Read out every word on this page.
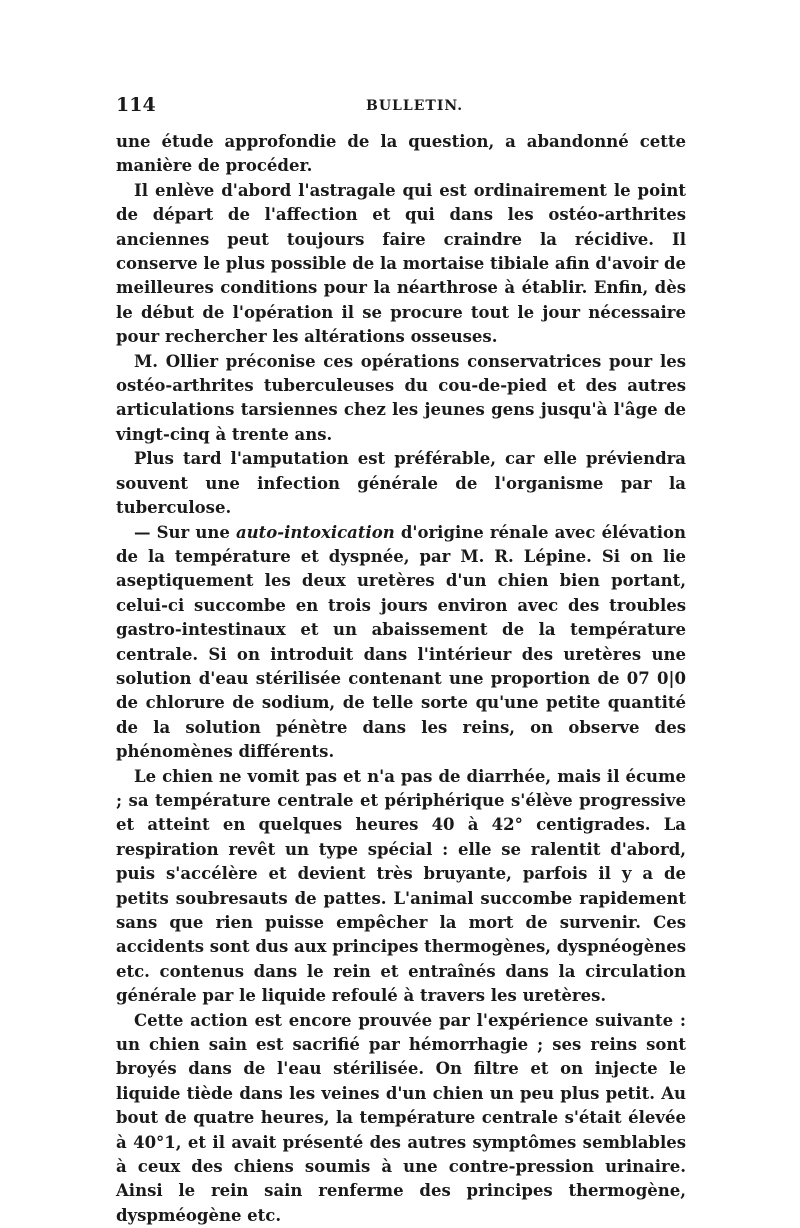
114	BULLETIN.

une étude approfondie de la question, a abandonné cette manière de procéder.

Il enlève d'abord l'astragale qui est ordinairement le point de départ de l'affection et qui dans les ostéo-arthrites anciennes peut toujours faire craindre la récidive. Il conserve le plus possible de la mortaise tibiale afin d'avoir de meilleures conditions pour la néarthrose à établir. Enfin, dès le début de l'opération il se procure tout le jour nécessaire pour rechercher les altérations osseuses.

M. Ollier préconise ces opérations conservatrices pour les ostéo-arthrites tuberculeuses du cou-de-pied et des autres articulations tarsiennes chez les jeunes gens jusqu'à l'âge de vingt-cinq à trente ans.

Plus tard l'amputation est préférable, car elle préviendra souvent une infection générale de l'organisme par la tuberculose.

— Sur une auto-intoxication d'origine rénale avec élévation de la température et dyspnée, par M. R. Lépine. Si on lie aseptiquement les deux uretères d'un chien bien portant, celui-ci succombe en trois jours environ avec des troubles gastro-intestinaux et un abaissement de la température centrale. Si on introduit dans l'intérieur des uretères une solution d'eau stérilisée contenant une proportion de 07 0|0 de chlorure de sodium, de telle sorte qu'une petite quantité de la solution pénètre dans les reins, on observe des phénomènes différents.

Le chien ne vomit pas et n'a pas de diarrhée, mais il écume ; sa température centrale et périphérique s'élève progressive et atteint en quelques heures 40 à 42° centigrades. La respiration revêt un type spécial : elle se ralentit d'abord, puis s'accélère et devient très bruyante, parfois il y a de petits soubresauts de pattes. L'animal succombe rapidement sans que rien puisse empêcher la mort de survenir. Ces accidents sont dus aux principes thermogènes, dyspnéogènes etc. contenus dans le rein et entraînés dans la circulation générale par le liquide refoulé à travers les uretères.

Cette action est encore prouvée par l'expérience suivante : un chien sain est sacrifié par hémorrhagie ; ses reins sont broyés dans de l'eau stérilisée. On filtre et on injecte le liquide tiède dans les veines d'un chien un peu plus petit. Au bout de quatre heures, la température centrale s'était élevée à 40°1, et il avait présenté des autres symptômes semblables à ceux des chiens soumis à une contre-pression urinaire. Ainsi le rein sain renferme des principes thermogène, dyspméogène etc.
